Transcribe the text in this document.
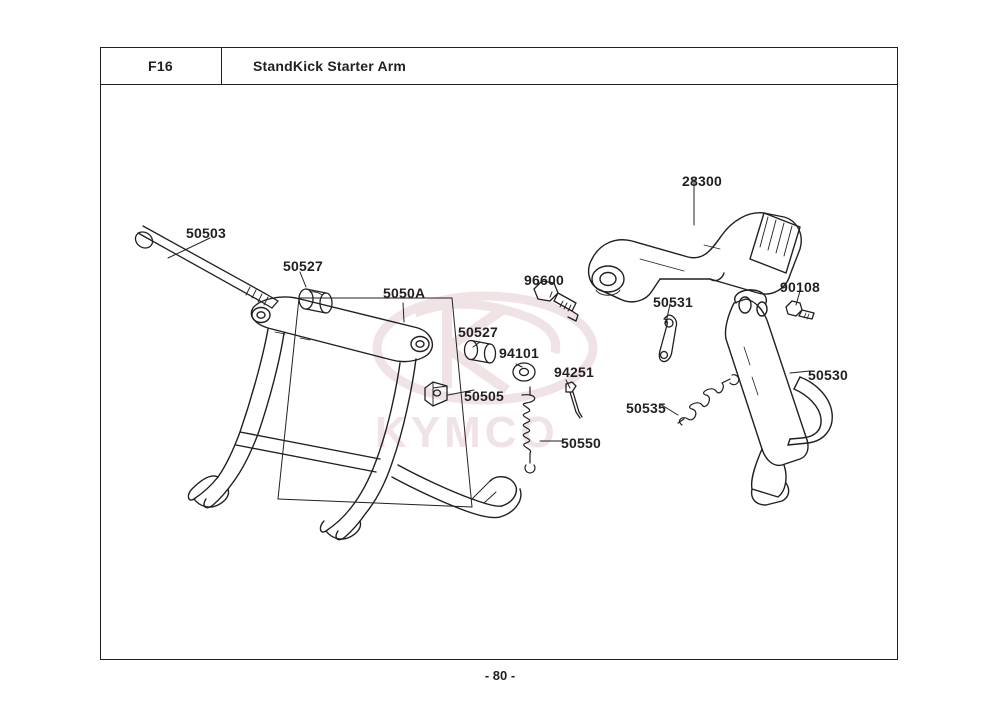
F16	StandKick Starter Arm
KYMCO
50503
50527
5050A
50527
94101
50505
94251
50550
96600
28300
50531
50535
90108
50530
- 80 -
